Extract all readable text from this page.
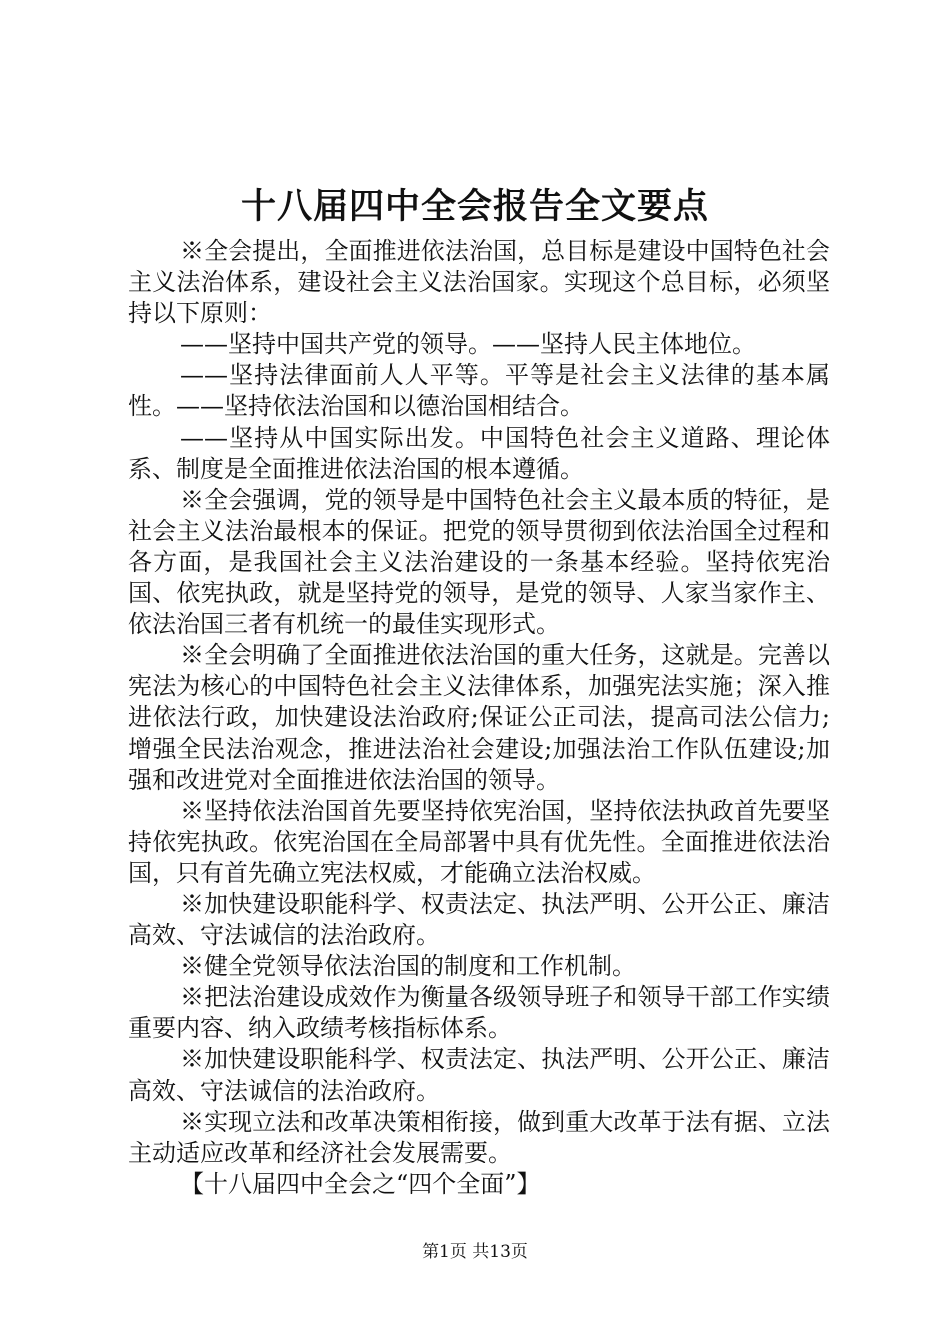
十八届四中全会报告全文要点

※全会提出，全面推进依法治国，总目标是建设中国特色社会主义法治体系，建设社会主义法治国家。实现这个总目标，必须坚持以下原则：

——坚持中国共产党的领导。——坚持人民主体地位。

——坚持法律面前人人平等。平等是社会主义法律的基本属性。——坚持依法治国和以德治国相结合。

——坚持从中国实际出发。中国特色社会主义道路、理论体系、制度是全面推进依法治国的根本遵循。

※全会强调，党的领导是中国特色社会主义最本质的特征，是社会主义法治最根本的保证。把党的领导贯彻到依法治国全过程和各方面，是我国社会主义法治建设的一条基本经验。坚持依宪治国、依宪执政，就是坚持党的领导，是党的领导、人家当家作主、依法治国三者有机统一的最佳实现形式。

※全会明确了全面推进依法治国的重大任务，这就是。完善以宪法为核心的中国特色社会主义法律体系，加强宪法实施；深入推进依法行政，加快建设法治政府;保证公正司法，提高司法公信力;增强全民法治观念，推进法治社会建设;加强法治工作队伍建设;加强和改进党对全面推进依法治国的领导。

※坚持依法治国首先要坚持依宪治国，坚持依法执政首先要坚持依宪执政。依宪治国在全局部署中具有优先性。全面推进依法治国，只有首先确立宪法权威，才能确立法治权威。

※加快建设职能科学、权责法定、执法严明、公开公正、廉洁高效、守法诚信的法治政府。

※健全党领导依法治国的制度和工作机制。

※把法治建设成效作为衡量各级领导班子和领导干部工作实绩重要内容、纳入政绩考核指标体系。

※加快建设职能科学、权责法定、执法严明、公开公正、廉洁高效、守法诚信的法治政府。

※实现立法和改革决策相衔接，做到重大改革于法有据、立法主动适应改革和经济社会发展需要。

【十八届四中全会之“四个全面”】

第1页 共13页
